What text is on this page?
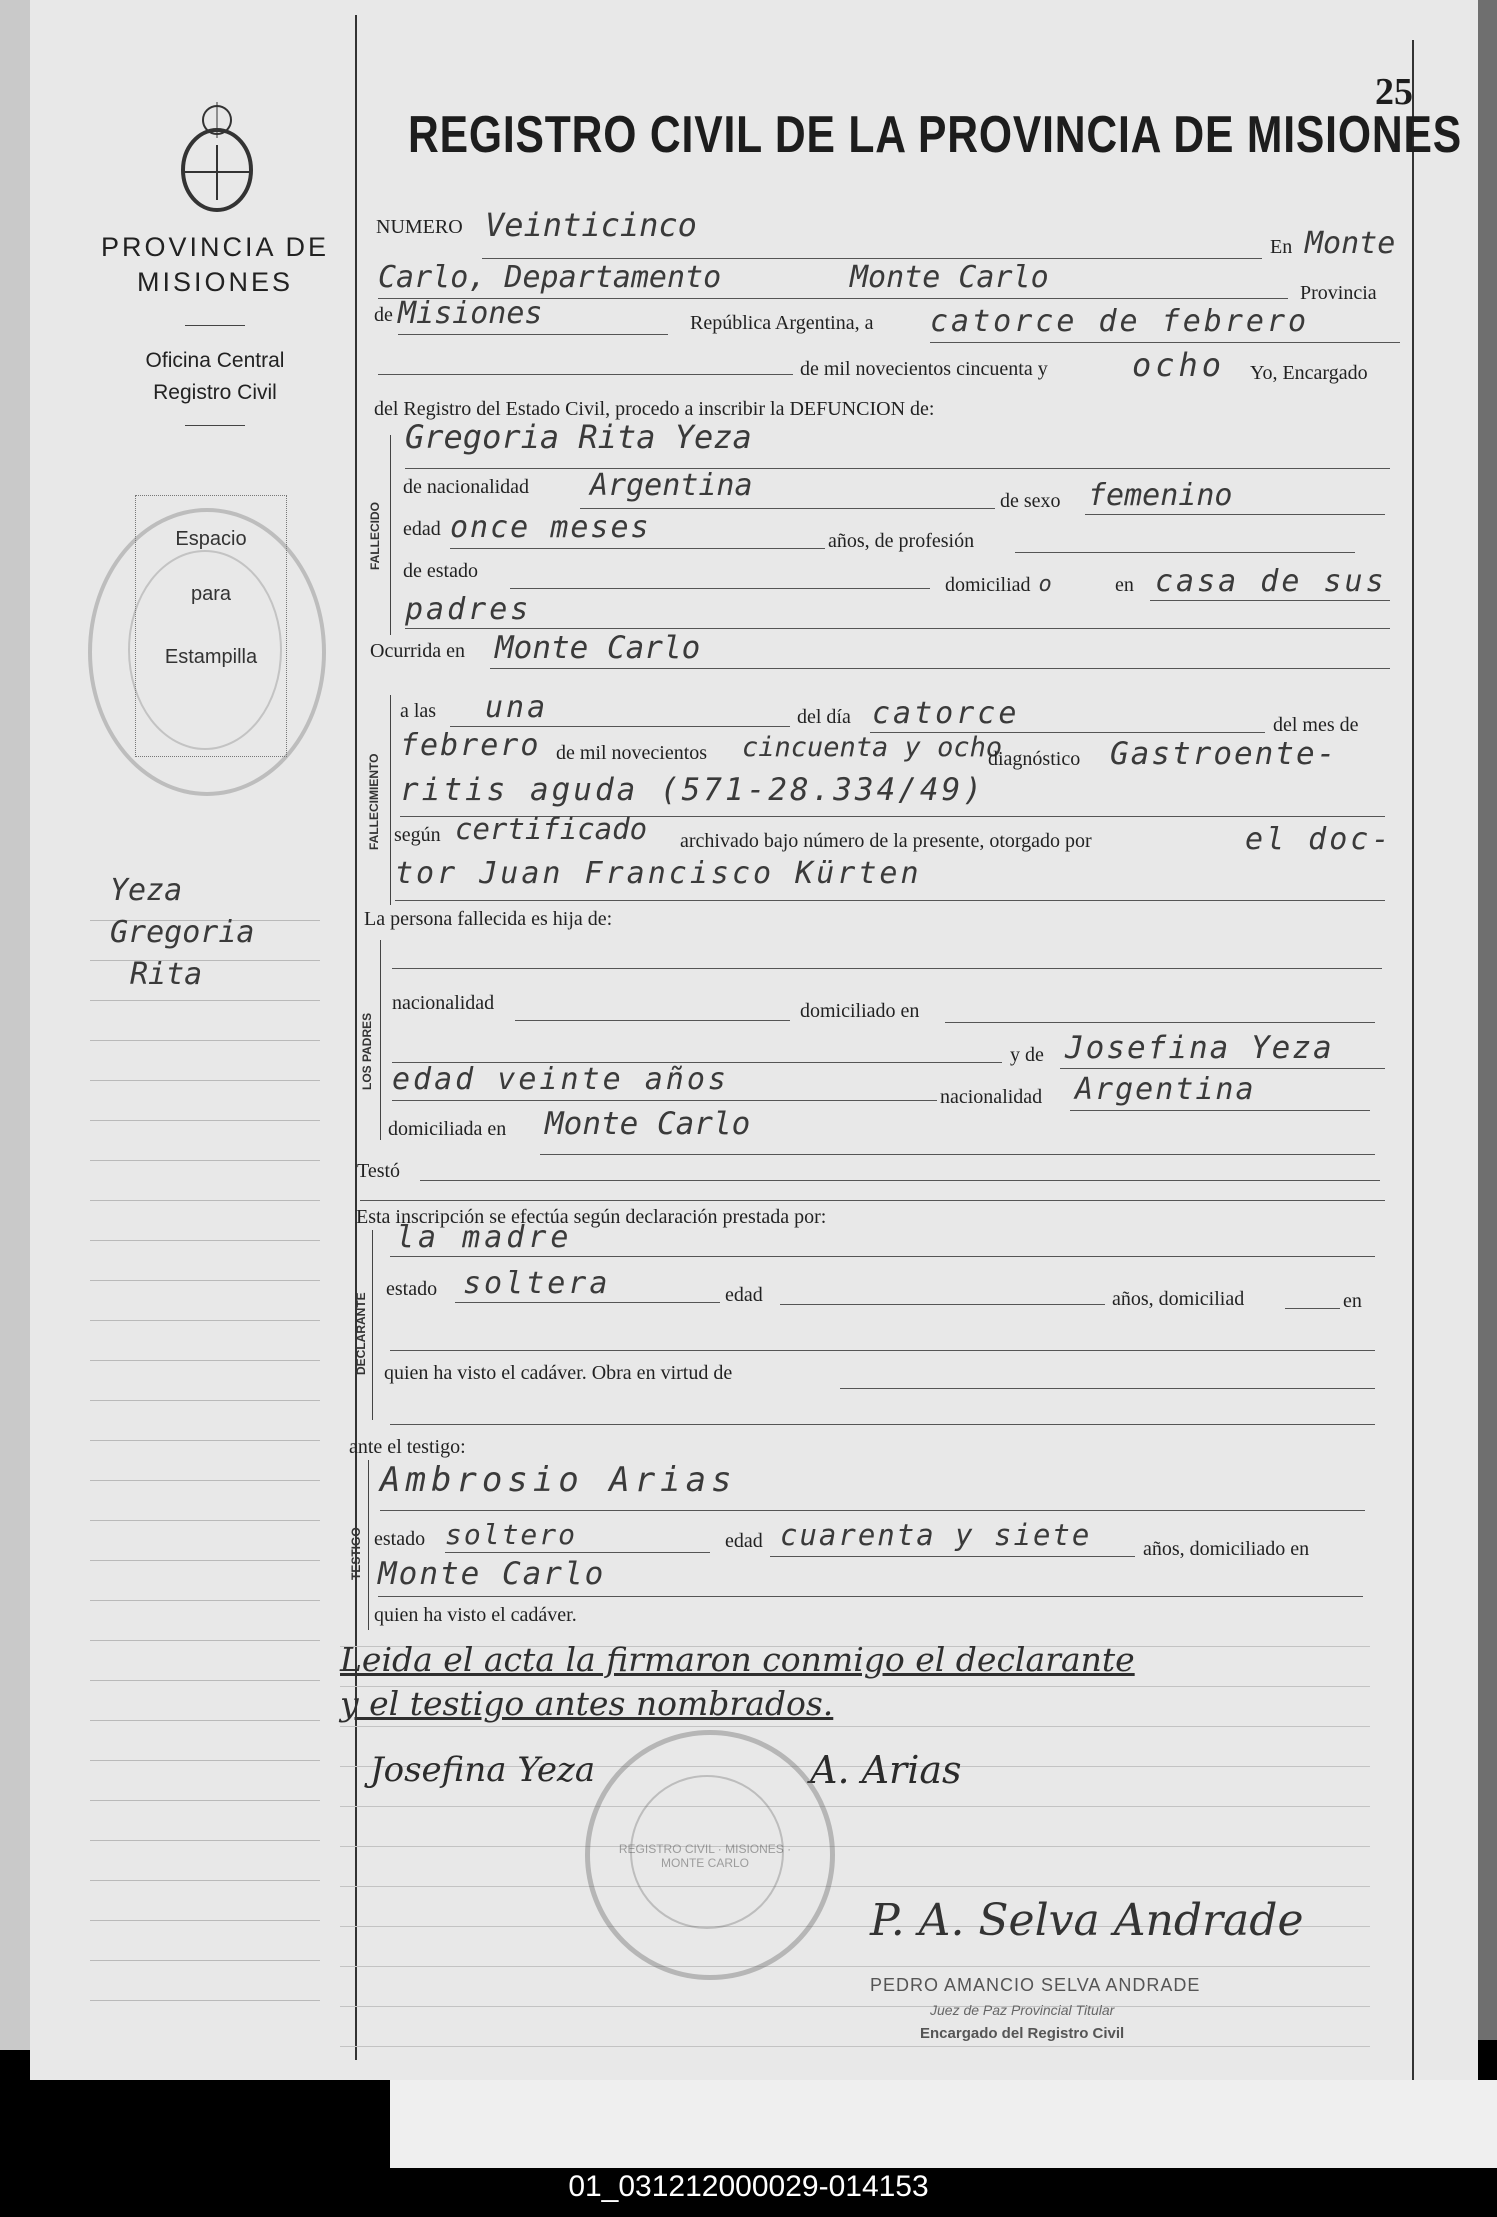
25
PROVINCIA DE
MISIONES
Oficina Central
Registro Civil
Espacio
para
Estampilla
Yeza
Gregoria
Rita
REGISTRO CIVIL DE LA PROVINCIA DE MISIONES
NUMERO Veinticinco
En Monte
Carlo, Departamento	Monte Carlo	Provincia
de Misiones	República Argentina, a catorce de febrero
de mil novecientos cincuenta y	ocho Yo, Encargado
del Registro del Estado Civil, procedo a inscribir la DEFUNCION de:
FALLECIDO
Gregoria Rita Yeza
de nacionalidad Argentina	de sexo femenino
edad once meses	años, de profesión
de estado
domiciliad o	en casa de sus
padres
Ocurrida en Monte Carlo
FALLECIMIENTO
a las una	del día catorce	del mes de
febrero de mil novecientos cincuenta y ocho
diagnóstico Gastroente-
ritis aguda (571-28.334/49)
según certificado archivado bajo número de la presente, otorgado por	el doc-
tor Juan Francisco Kürten
La persona fallecida es hija de:
LOS PADRES
nacionalidad	domiciliado en
y de Josefina Yeza
edad veinte años	nacionalidad Argentina
domiciliada en Monte Carlo
Testó
Esta inscripción se efectúa según declaración prestada por:
DECLARANTE
la madre
estado soltera	edad	años, domiciliad	en
quien ha visto el cadáver. Obra en virtud de
ante el testigo:
TESTIGO
Ambrosio Arias
estado soltero	edad cuarenta y siete	años, domiciliado en
Monte Carlo
quien ha visto el cadáver.
Leida el acta la firmaron conmigo el declarante
y el testigo antes nombrados.
Josefina Yeza	A. Arias
REGISTRO CIVIL · MISIONES · MONTE CARLO
P. A. Selva Andrade
PEDRO AMANCIO SELVA ANDRADE
Juez de Paz Provincial Titular
Encargado del Registro Civil
01_031212000029-014153
